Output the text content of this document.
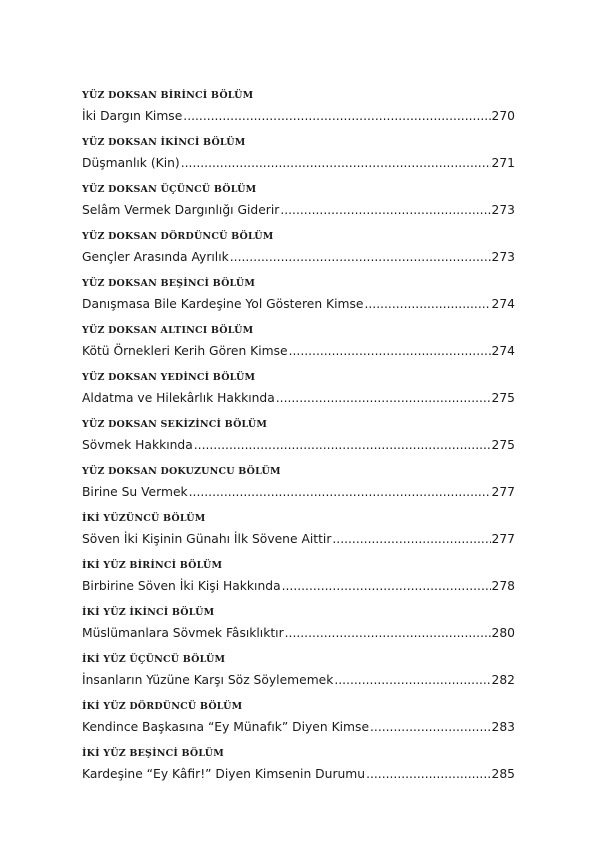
YÜZ DOKSAN BİRİNCİ BÖLÜM
İki Dargın Kimse .....	270
YÜZ DOKSAN İKİNCİ BÖLÜM
Düşmanlık (Kin) .....	271
YÜZ DOKSAN ÜÇÜNCÜ BÖLÜM
Selâm Vermek Dargınlığı Giderir .....	273
YÜZ DOKSAN DÖRDÜNCÜ BÖLÜM
Gençler Arasında Ayrılık .....	273
YÜZ DOKSAN BEŞİNCİ BÖLÜM
Danışmasa Bile Kardeşine Yol Gösteren Kimse .....	274
YÜZ DOKSAN ALTINCI BÖLÜM
Kötü Örnekleri Kerih Gören Kimse .....	274
YÜZ DOKSAN YEDİNCİ BÖLÜM
Aldatma ve Hilekârlık Hakkında .....	275
YÜZ DOKSAN SEKİZİNCİ BÖLÜM
Sövmek Hakkında .....	275
YÜZ DOKSAN DOKUZUNCU BÖLÜM
Birine Su Vermek .....	277
İKİ YÜZÜNCÜ BÖLÜM
Söven İki Kişinin Günahı İlk Sövene Aittir .....	277
İKİ YÜZ BİRİNCİ BÖLÜM
Birbirine Söven İki Kişi Hakkında .....	278
İKİ YÜZ İKİNCİ BÖLÜM
Müslümanlara Sövmek Fâsıklıktır .....	280
İKİ YÜZ ÜÇÜNCÜ BÖLÜM
İnsanların Yüzüne Karşı Söz Söylememek .....	282
İKİ YÜZ DÖRDÜNCÜ BÖLÜM
Kendince Başkasına “Ey Münafık” Diyen Kimse .....	283
İKİ YÜZ BEŞİNCİ BÖLÜM
Kardeşine “Ey Kâfir!” Diyen Kimsenin Durumu .....	285
